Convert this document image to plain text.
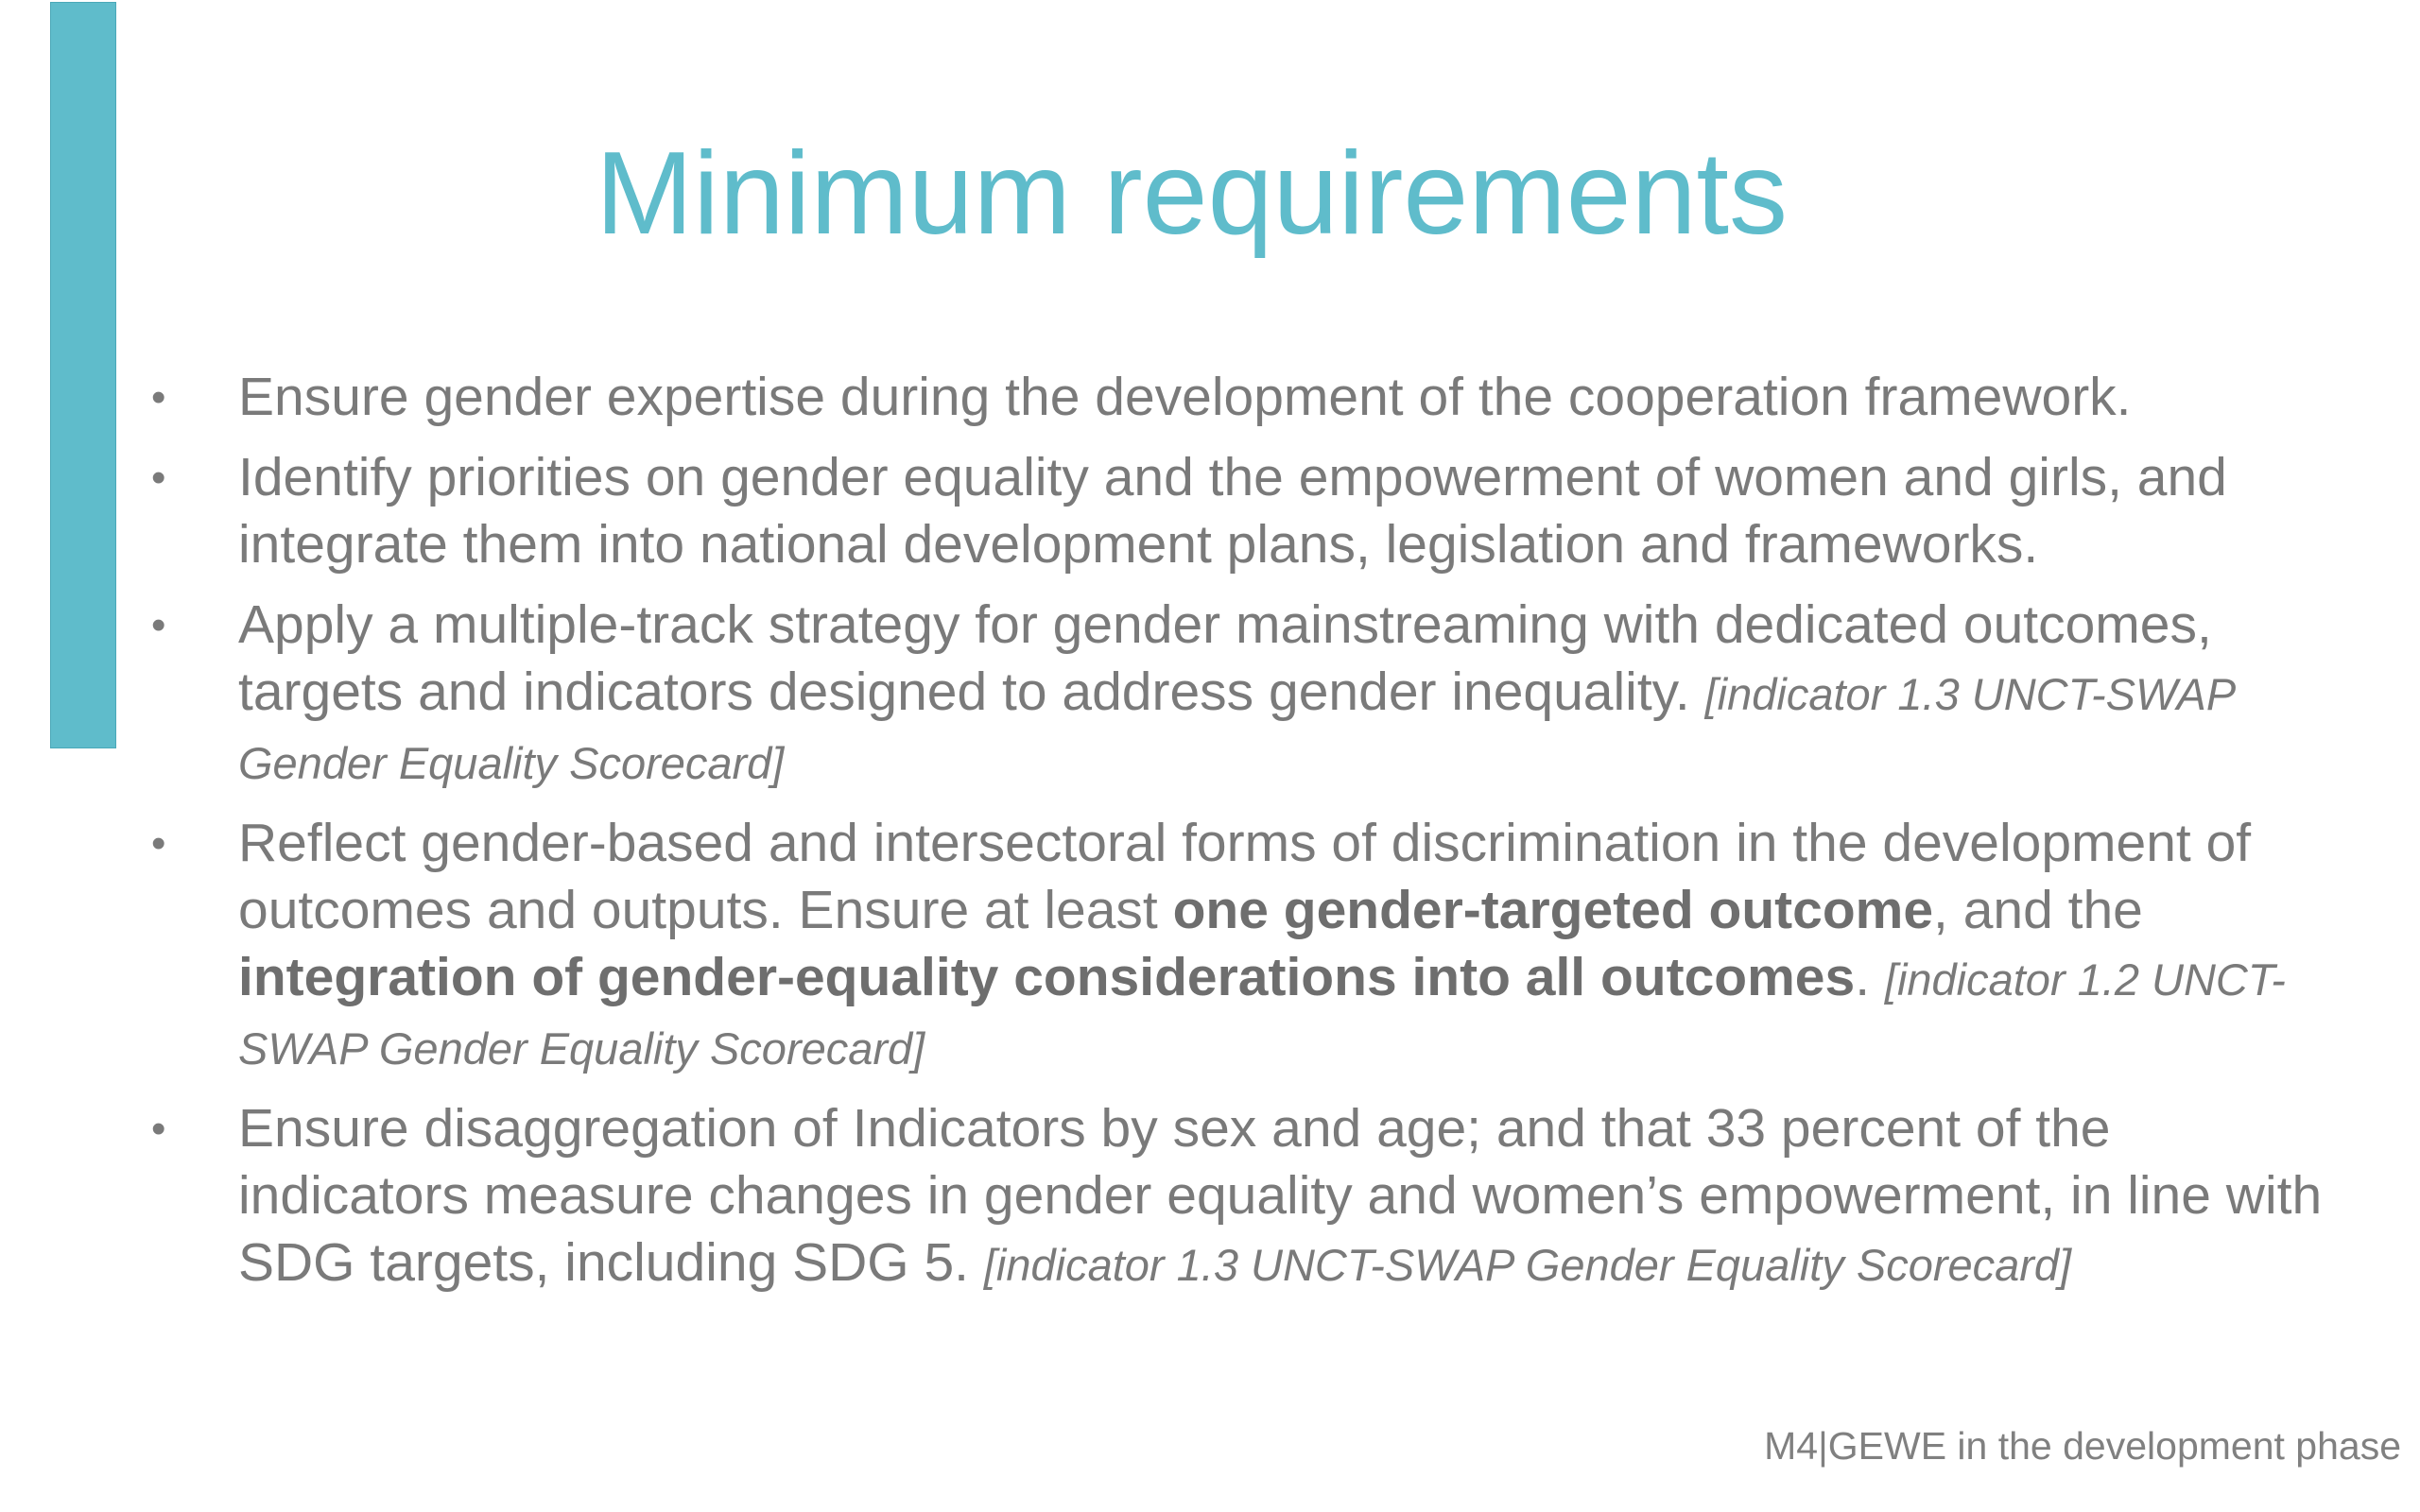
Minimum requirements
• Ensure gender expertise during the development of the cooperation framework.
• Identify priorities on gender equality and the empowerment of women and girls, and integrate them into national development plans, legislation and frameworks.
• Apply a multiple-track strategy for gender mainstreaming with dedicated outcomes, targets and indicators designed to address gender inequality. [indicator 1.3 UNCT-SWAP Gender Equality Scorecard]
• Reflect gender-based and intersectoral forms of discrimination in the development of outcomes and outputs. Ensure at least one gender-targeted outcome, and the integration of gender-equality considerations into all outcomes. [indicator 1.2 UNCT-SWAP Gender Equality Scorecard]
• Ensure disaggregation of Indicators by sex and age; and that 33 percent of the indicators measure changes in gender equality and women’s empowerment, in line with SDG targets, including SDG 5. [indicator 1.3 UNCT-SWAP Gender Equality Scorecard]
M4|GEWE in the development phase
